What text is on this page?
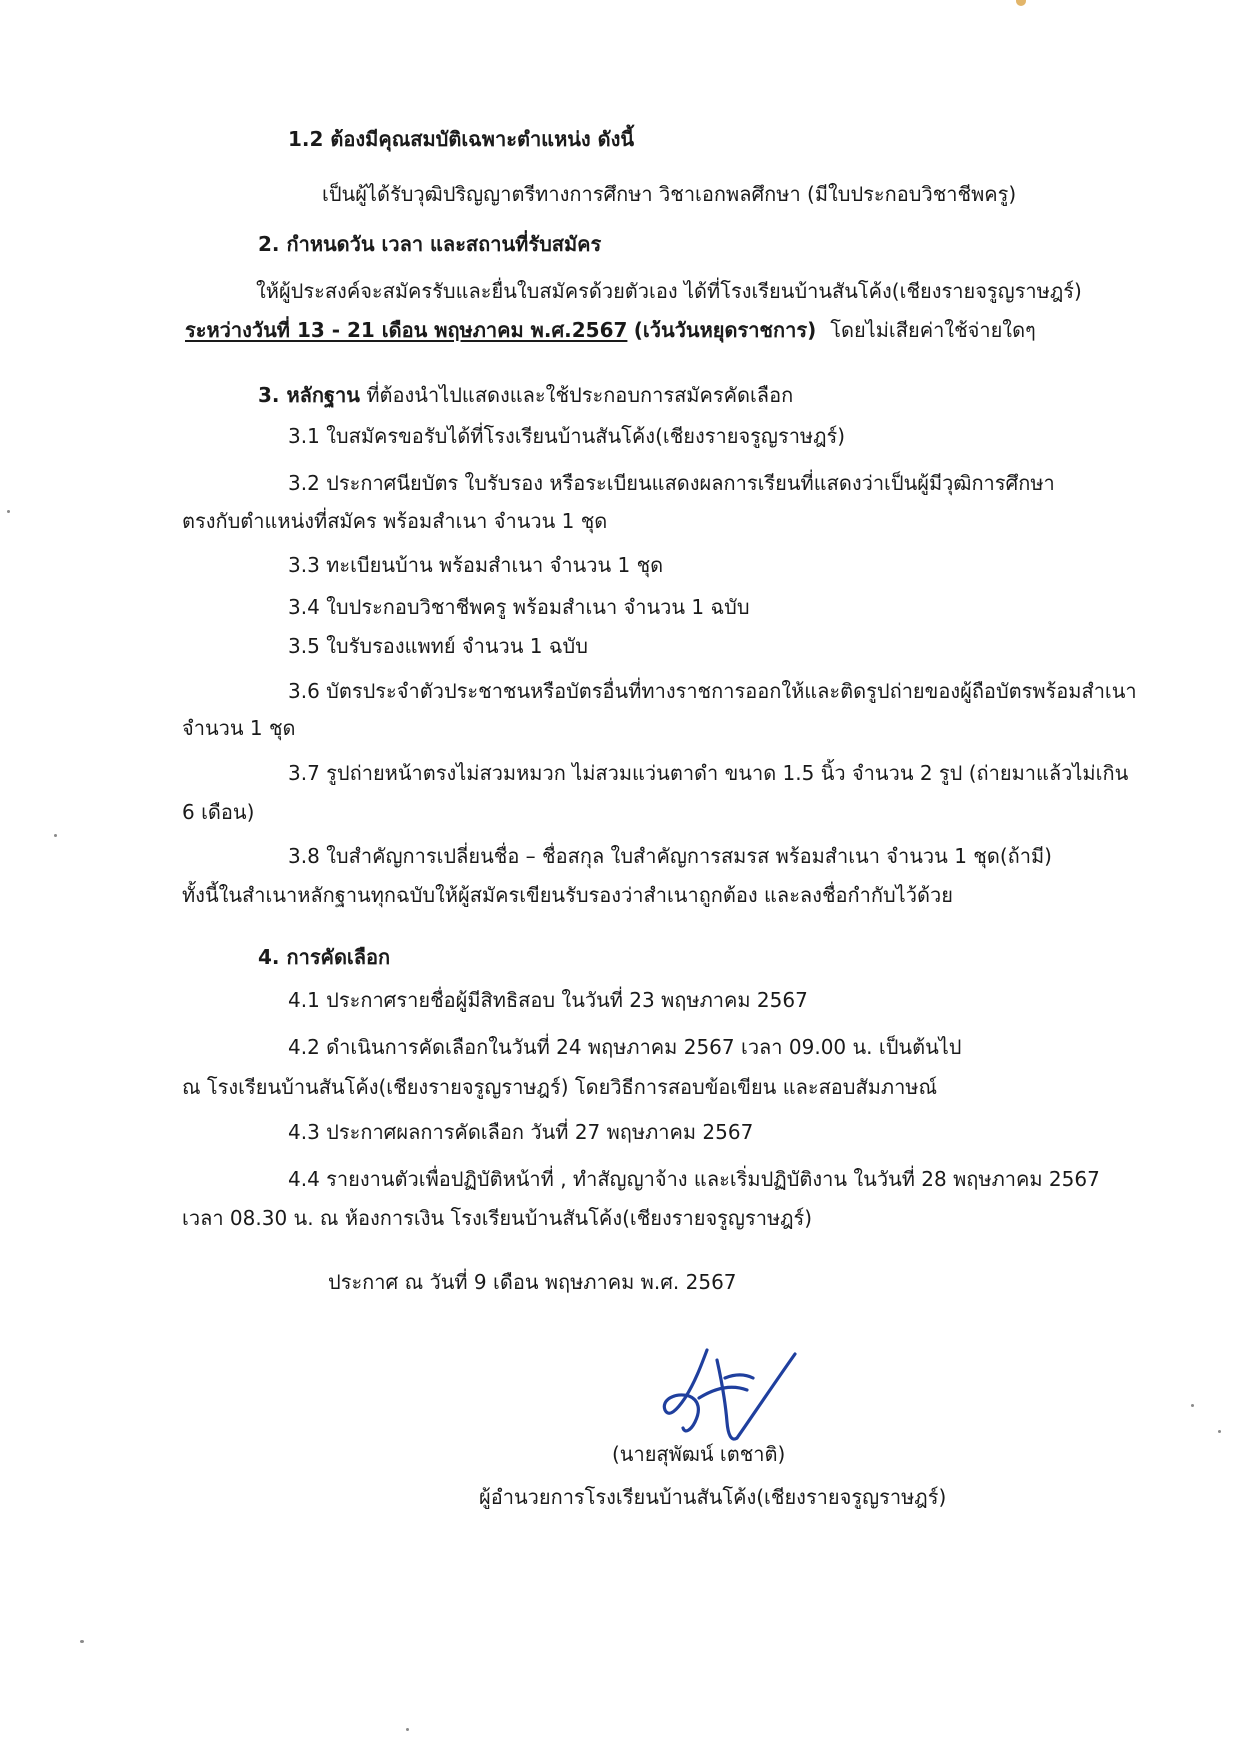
1.2 ต้องมีคุณสมบัติเฉพาะตำแหน่ง ดังนี้
เป็นผู้ได้รับวุฒิปริญญาตรีทางการศึกษา วิชาเอกพลศึกษา (มีใบประกอบวิชาชีพครู)
2. กำหนดวัน เวลา และสถานที่รับสมัคร
ให้ผู้ประสงค์จะสมัครรับและยื่นใบสมัครด้วยตัวเอง ได้ที่โรงเรียนบ้านสันโค้ง(เชียงรายจรูญราษฎร์)
ระหว่างวันที่ 13 - 21 เดือน พฤษภาคม พ.ศ.2567 (เว้นวันหยุดราชการ) โดยไม่เสียค่าใช้จ่ายใดๆ
3. หลักฐาน ที่ต้องนำไปแสดงและใช้ประกอบการสมัครคัดเลือก
3.1 ใบสมัครขอรับได้ที่โรงเรียนบ้านสันโค้ง(เชียงรายจรูญราษฎร์)
3.2 ประกาศนียบัตร ใบรับรอง หรือระเบียนแสดงผลการเรียนที่แสดงว่าเป็นผู้มีวุฒิการศึกษา
ตรงกับตำแหน่งที่สมัคร พร้อมสำเนา จำนวน 1 ชุด
3.3 ทะเบียนบ้าน พร้อมสำเนา จำนวน 1 ชุด
3.4 ใบประกอบวิชาชีพครู พร้อมสำเนา จำนวน 1 ฉบับ
3.5 ใบรับรองแพทย์ จำนวน 1 ฉบับ
3.6 บัตรประจำตัวประชาชนหรือบัตรอื่นที่ทางราชการออกให้และติดรูปถ่ายของผู้ถือบัตรพร้อมสำเนา
จำนวน 1 ชุด
3.7 รูปถ่ายหน้าตรงไม่สวมหมวก ไม่สวมแว่นตาดำ ขนาด 1.5 นิ้ว จำนวน 2 รูป (ถ่ายมาแล้วไม่เกิน
6 เดือน)
3.8 ใบสำคัญการเปลี่ยนชื่อ – ชื่อสกุล ใบสำคัญการสมรส พร้อมสำเนา จำนวน 1 ชุด(ถ้ามี)
ทั้งนี้ในสำเนาหลักฐานทุกฉบับให้ผู้สมัครเขียนรับรองว่าสำเนาถูกต้อง และลงชื่อกำกับไว้ด้วย
4. การคัดเลือก
4.1 ประกาศรายชื่อผู้มีสิทธิสอบ ในวันที่ 23 พฤษภาคม 2567
4.2 ดำเนินการคัดเลือกในวันที่ 24 พฤษภาคม 2567 เวลา 09.00 น. เป็นต้นไป
ณ โรงเรียนบ้านสันโค้ง(เชียงรายจรูญราษฎร์) โดยวิธีการสอบข้อเขียน และสอบสัมภาษณ์
4.3 ประกาศผลการคัดเลือก วันที่ 27 พฤษภาคม 2567
4.4 รายงานตัวเพื่อปฏิบัติหน้าที่ , ทำสัญญาจ้าง และเริ่มปฏิบัติงาน ในวันที่ 28 พฤษภาคม 2567
เวลา 08.30 น. ณ ห้องการเงิน โรงเรียนบ้านสันโค้ง(เชียงรายจรูญราษฎร์)
ประกาศ ณ วันที่ 9 เดือน พฤษภาคม พ.ศ. 2567
(นายสุพัฒน์ เตชาติ)
ผู้อำนวยการโรงเรียนบ้านสันโค้ง(เชียงรายจรูญราษฎร์)
